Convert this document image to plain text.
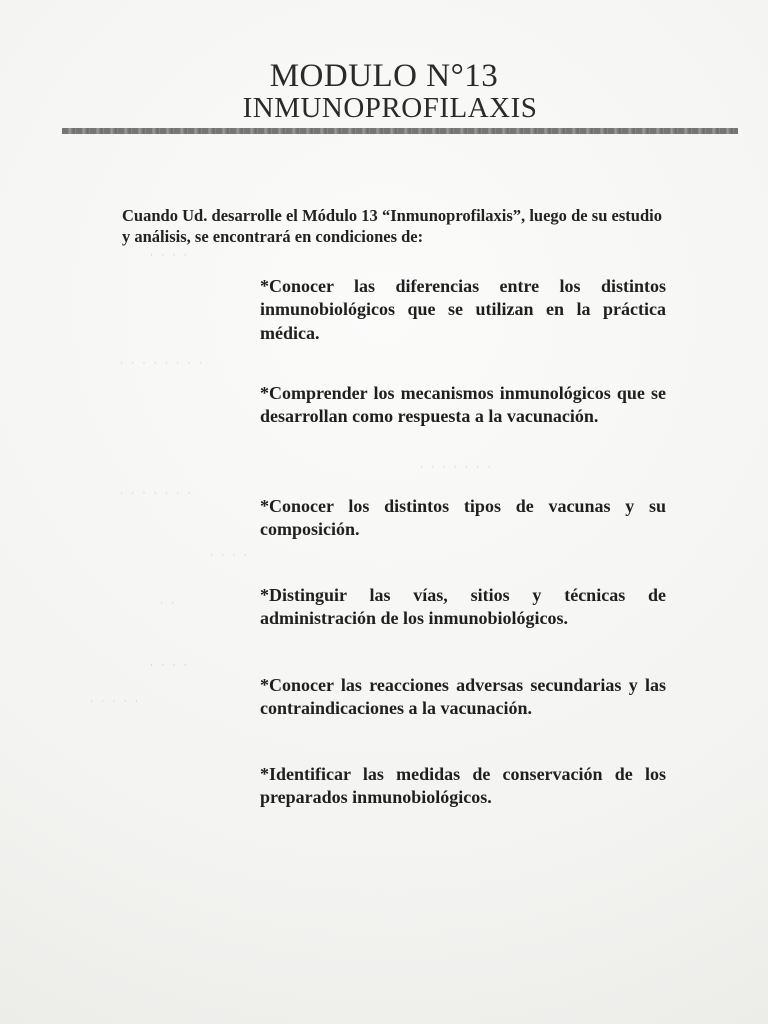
MODULO N°13
INMUNOPROFILAXIS

Cuando Ud. desarrolle el Módulo 13 “Inmunoprofilaxis”, luego de su estudio y análisis, se encontrará en condiciones de:

· · · ·
· · · · · · · ·
· · · · · · ·
· · · · · · ·
· · · ·
· ·
· · · ·
· · · · ·
*Conocer las diferencias entre los distintos inmunobiológicos que se utilizan en la práctica médica.
*Comprender los mecanismos inmunológicos que se desarrollan como respuesta a la vacunación.
*Conocer los distintos tipos de vacunas y su composición.
*Distinguir las vías, sitios y técnicas de administración de los inmunobiológicos.
*Conocer las reacciones adversas secundarias y las contraindicaciones a la vacunación.
*Identificar las medidas de conservación de los preparados inmunobiológicos.
